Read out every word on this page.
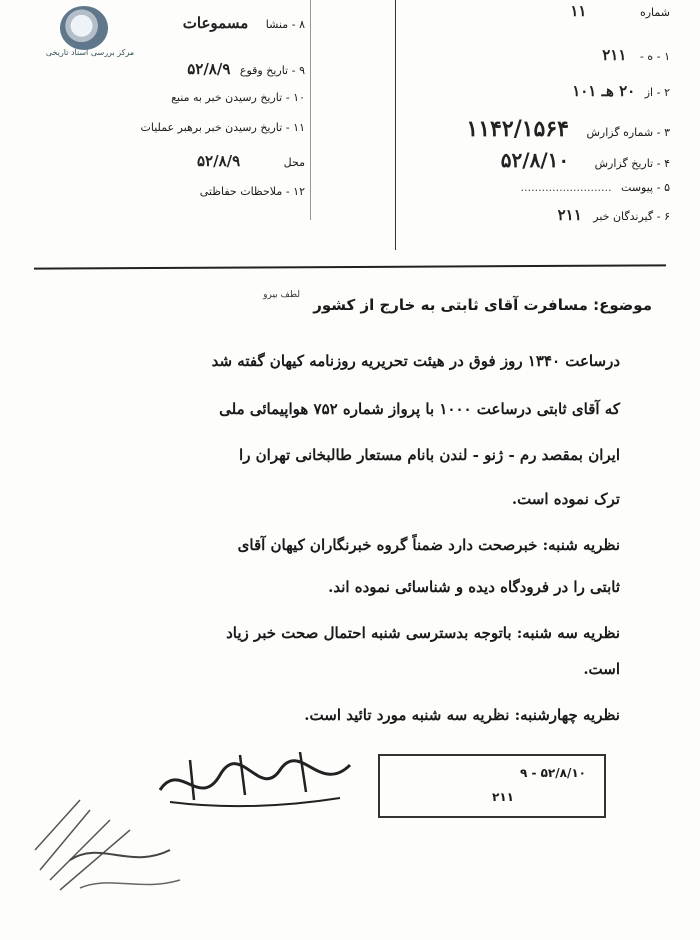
مرکز بررسی اسناد تاریخی
شماره ۱۱
۱ - ه - ۲۱۱
۲ - از ۲۰ هـ ۱۰۱
۳ - شماره گزارش ۱۱۴۲/۱۵۶۴
۴ - تاریخ گزارش ۵۲/۸/۱۰
۵ - پیوست ..........................
۶ - گیرندگان خبر ۲۱۱
۸ - منشا مسموعات
۹ - تاریخ وقوع ۵۲/۸/۹
۱۰ - تاریخ رسیدن خبر به منبع
۱۱ - تاریخ رسیدن خبر برهبر عملیات
محل ۵۲/۸/۹
۱۲ - ملاحظات حفاظتی
لطف بیرو
موضوع: مسافرت آقای ثابتی به خارج از کشور
درساعت ۱۳۴۰ روز فوق در هیئت تحریریه روزنامه کیهان گفته شد
که آقای ثابتی درساعت ۱۰۰۰ با پرواز شماره ۷۵۲ هواپیمائی ملی
ایران بمقصد رم - ژنو - لندن بانام مستعار طالبخانی تهران را
ترک نموده است.
نظریه شنبه: خبرصحت دارد ضمناً گروه خبرنگاران کیهان آقای
ثابتی را در فرودگاه دیده و شناسائی نموده اند.
نظریه سه شنبه: باتوجه بدسترسی شنبه احتمال صحت خبر زیاد
است.
نظریه چهارشنبه: نظریه سه شنبه مورد تائید است.
۵۲/۸/۱۰ - ۹
۲۱۱
